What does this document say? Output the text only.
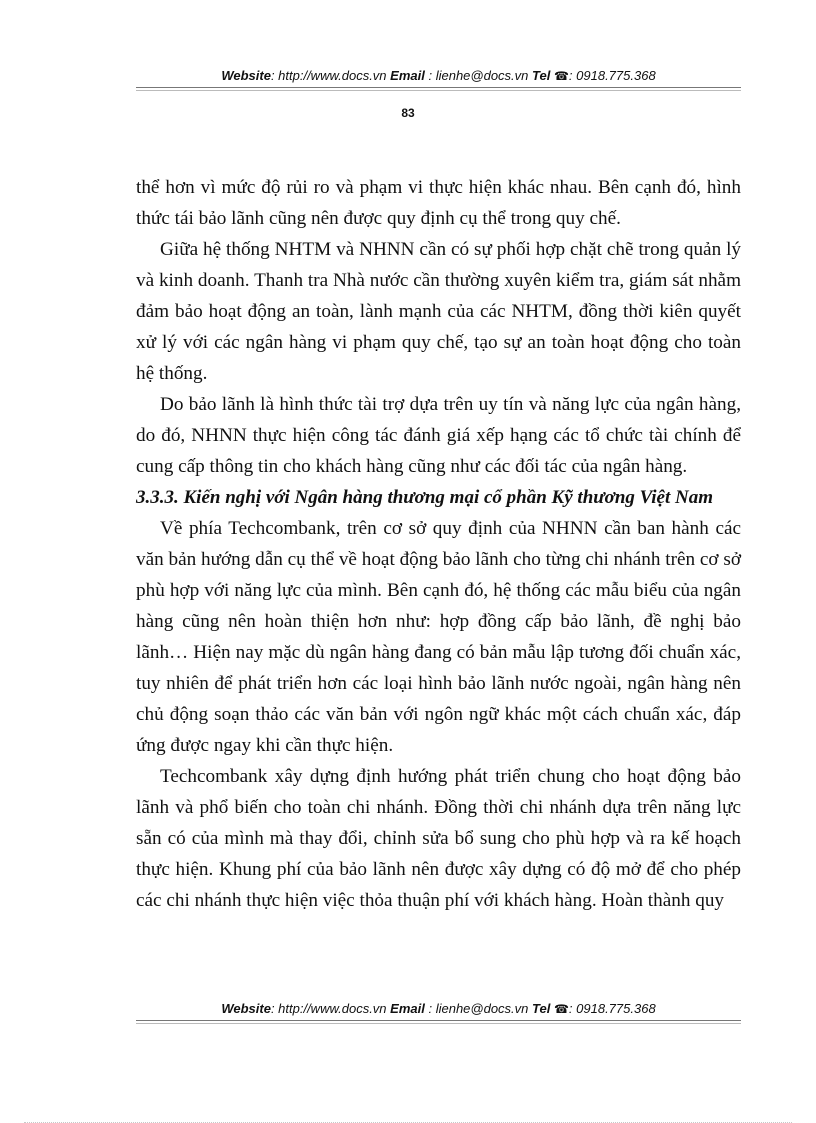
Website: http://www.docs.vn Email : lienhe@docs.vn Tel ☎: 0918.775.368
83

thể hơn vì mức độ rủi ro và phạm vi thực hiện khác nhau. Bên cạnh đó, hình thức tái bảo lãnh cũng nên được quy định cụ thể trong quy chế.

Giữa hệ thống NHTM và NHNN cần có sự phối hợp chặt chẽ trong quản lý và kinh doanh. Thanh tra Nhà nước cần thường xuyên kiểm tra, giám sát nhằm đảm bảo hoạt động an toàn, lành mạnh của các NHTM, đồng thời kiên quyết xử lý với các ngân hàng vi phạm quy chế, tạo sự an toàn hoạt động cho toàn hệ thống.

Do bảo lãnh là hình thức tài trợ dựa trên uy tín và năng lực của ngân hàng, do đó, NHNN thực hiện công tác đánh giá xếp hạng các tổ chức tài chính để cung cấp thông tin cho khách hàng cũng như các đối tác của ngân hàng.

3.3.3. Kiến nghị với Ngân hàng thương mại cổ phần Kỹ thương Việt Nam

Về phía Techcombank, trên cơ sở quy định của NHNN cần ban hành các văn bản hướng dẫn cụ thể về hoạt động bảo lãnh cho từng chi nhánh trên cơ sở phù hợp với năng lực của mình. Bên cạnh đó, hệ thống các mẫu biểu của ngân hàng cũng nên hoàn thiện hơn như: hợp đồng cấp bảo lãnh, đề nghị bảo lãnh… Hiện nay mặc dù ngân hàng đang có bản mẫu lập tương đối chuẩn xác, tuy nhiên để phát triển hơn các loại hình bảo lãnh nước ngoài, ngân hàng nên chủ động soạn thảo các văn bản với ngôn ngữ khác một cách chuẩn xác, đáp ứng được ngay khi cần thực hiện.

Techcombank xây dựng định hướng phát triển chung cho hoạt động bảo lãnh và phổ biến cho toàn chi nhánh. Đồng thời chi nhánh dựa trên năng lực sẵn có của mình mà thay đổi, chỉnh sửa bổ sung cho phù hợp và ra kế hoạch thực hiện. Khung phí của bảo lãnh nên được xây dựng có độ mở để cho phép các chi nhánh thực hiện việc thỏa thuận phí với khách hàng. Hoàn thành quy

Website: http://www.docs.vn Email : lienhe@docs.vn Tel ☎: 0918.775.368
